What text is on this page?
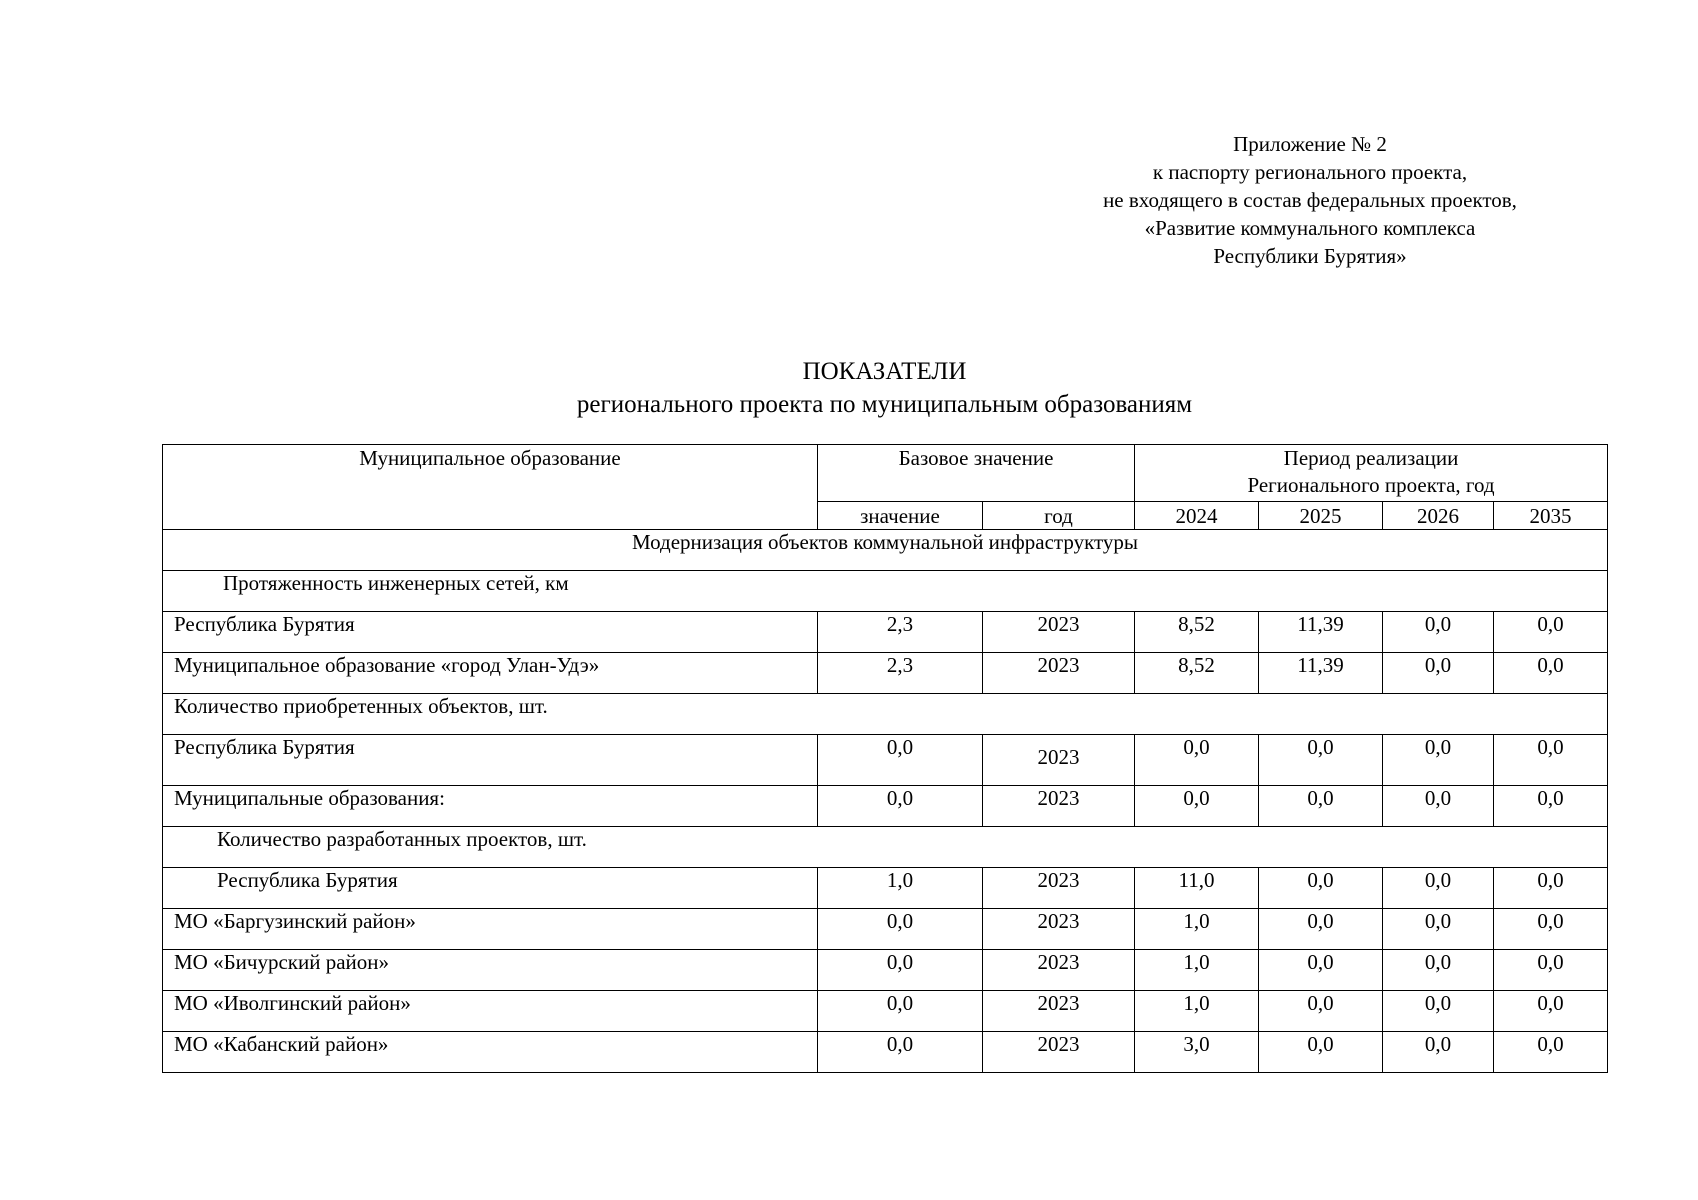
Приложение № 2
к паспорту регионального проекта,
не входящего в состав федеральных проектов,
«Развитие коммунального комплекса
Республики Бурятия»
ПОКАЗАТЕЛИ
регионального проекта по муниципальным образованиям
Муниципальное образование	Базовое значение		Период реализации
Регионального проекта, год			

	значение	год	2024	2025	2026	2035
Модернизация объектов коммунальной инфраструктуры						
Протяженность инженерных сетей, км						
Республика Бурятия	2,3	2023	8,52	11,39	0,0	0,0
Муниципальное образование «город Улан-Удэ»	2,3	2023	8,52	11,39	0,0	0,0
Количество приобретенных объектов, шт.						
Республика Бурятия	0,0	2023	0,0	0,0	0,0	0,0
Муниципальные образования:	0,0	2023	0,0	0,0	0,0	0,0
Количество разработанных проектов, шт.						
Республика Бурятия	1,0	2023	11,0	0,0	0,0	0,0
МО «Баргузинский район»	0,0	2023	1,0	0,0	0,0	0,0
МО «Бичурский район»	0,0	2023	1,0	0,0	0,0	0,0
МО «Иволгинский район»	0,0	2023	1,0	0,0	0,0	0,0
МО «Кабанский район»	0,0	2023	3,0	0,0	0,0	0,0
